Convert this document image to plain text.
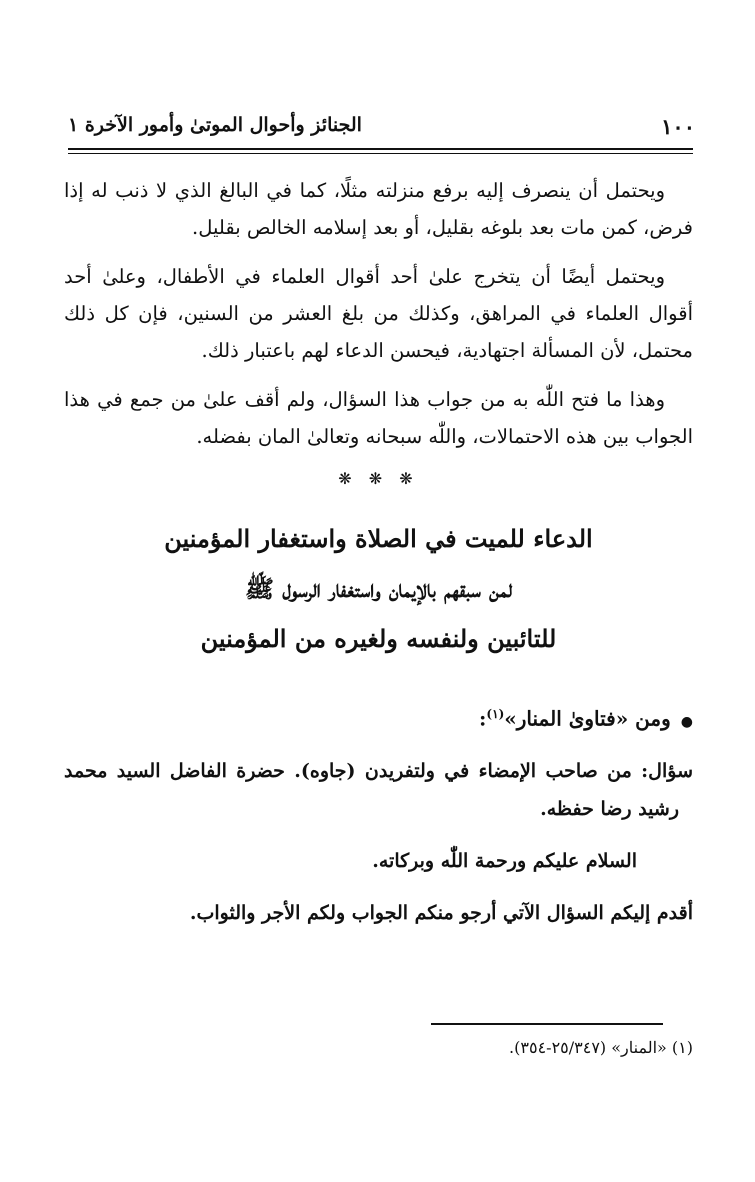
١٠٠
الجنائز وأحوال الموتىٰ وأمور الآخرة ١

ويحتمل أن ينصرف إليه برفع منزلته مثلًا، كما في البالغ الذي لا ذنب له إذا فرض، كمن مات بعد بلوغه بقليل، أو بعد إسلامه الخالص بقليل.

ويحتمل أيضًا أن يتخرج علىٰ أحد أقوال العلماء في الأطفال، وعلىٰ أحد أقوال العلماء في المراهق، وكذلك من بلغ العشر من السنين، فإن كل ذلك محتمل، لأن المسألة اجتهادية، فيحسن الدعاء لهم باعتبار ذلك.

وهذا ما فتح اللّٰه به من جواب هذا السؤال، ولم أقف علىٰ من جمع في هذا الجواب بين هذه الاحتمالات، واللّٰه سبحانه وتعالىٰ المان بفضله.

❋ ❋ ❋

الدعاء للميت في الصلاة واستغفار المؤمنين

لمن سبقهم بالإيمان واستغفار الرسول ﷺ

للتائبين ولنفسه ولغيره من المؤمنين

●ومن «فتاوىٰ المنار»$^{(١)}$:

سؤال: من صاحب الإمضاء في ولتفريدن (جاوه). حضرة الفاضل السيد محمد رشيد رضا حفظه.

السلام عليكم ورحمة اللّٰه وبركاته.

أقدم إليكم السؤال الآتي أرجو منكم الجواب ولكم الأجر والثواب.

(١) «المنار» (٢٥/٣٤٧-٣٥٤).
